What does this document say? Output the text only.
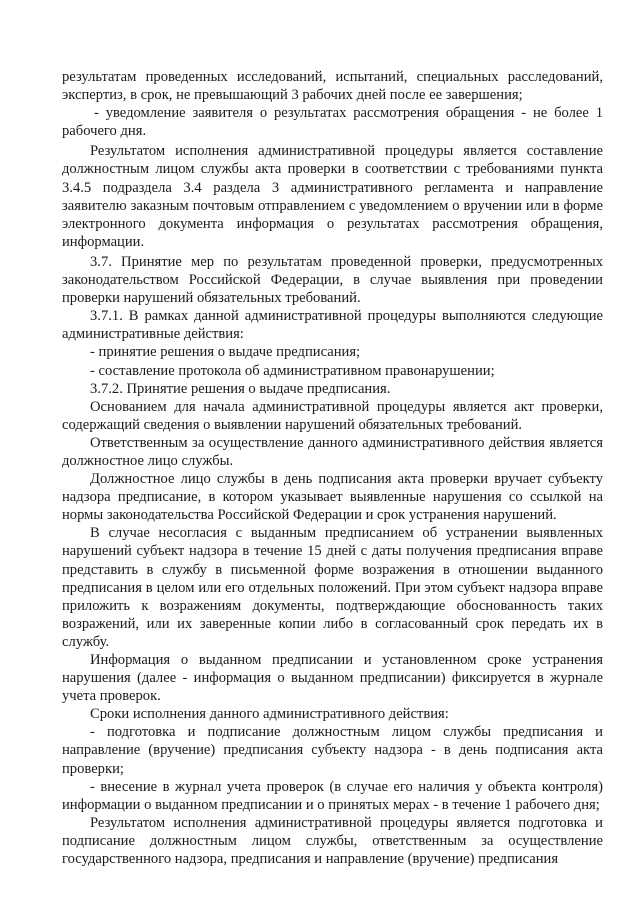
результатам проведенных исследований, испытаний, специальных расследований, экспертиз, в срок, не превышающий 3 рабочих дней после ее завершения;

- уведомление заявителя о результатах рассмотрения обращения - не более 1 рабочего дня.

Результатом исполнения административной процедуры является составление должностным лицом службы акта проверки в соответствии с требованиями пункта 3.4.5 подраздела 3.4 раздела 3 административного регламента и направление заявителю заказным почтовым отправлением с уведомлением о вручении или в форме электронного документа информация о результатах рассмотрения обращения, информации.

3.7. Принятие мер по результатам проведенной проверки, предусмотренных законодательством Российской Федерации, в случае выявления при проведении проверки нарушений обязательных требований.

3.7.1. В рамках данной административной процедуры выполняются следующие административные действия:

- принятие решения о выдаче предписания;

- составление протокола об административном правонарушении;

3.7.2. Принятие решения о выдаче предписания.

Основанием для начала административной процедуры является акт проверки, содержащий сведения о выявлении нарушений обязательных требований.

Ответственным за осуществление данного административного действия является должностное лицо службы.

Должностное лицо службы в день подписания акта проверки вручает субъекту надзора предписание, в котором указывает выявленные нарушения со ссылкой на нормы законодательства Российской Федерации и срок устранения нарушений.

В случае несогласия с выданным предписанием об устранении выявленных нарушений субъект надзора в течение 15 дней с даты получения предписания вправе представить в службу в письменной форме возражения в отношении выданного предписания в целом или его отдельных положений. При этом субъект надзора вправе приложить к возражениям документы, подтверждающие обоснованность таких возражений, или их заверенные копии либо в согласованный срок передать их в службу.

Информация о выданном предписании и установленном сроке устранения нарушения (далее - информация о выданном предписании) фиксируется в журнале учета проверок.

Сроки исполнения данного административного действия:

- подготовка и подписание должностным лицом службы предписания и направление (вручение) предписания субъекту надзора - в день подписания акта проверки;

- внесение в журнал учета проверок (в случае его наличия у объекта контроля) информации о выданном предписании и о принятых мерах - в течение 1 рабочего дня;

Результатом исполнения административной процедуры является подготовка и подписание должностным лицом службы, ответственным за осуществление государственного надзора, предписания и направление (вручение) предписания
